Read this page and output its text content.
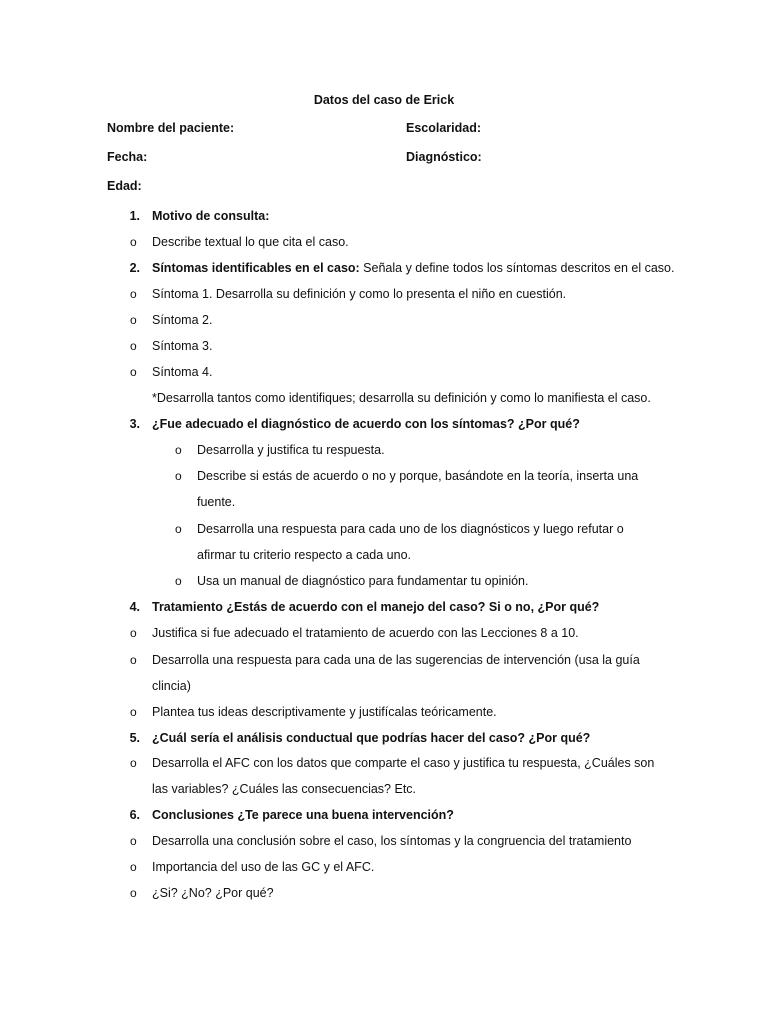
Datos del caso de Erick
Nombre del paciente:	Escolaridad:
Fecha:	Diagnóstico:
Edad:
1. Motivo de consulta:
o Describe textual lo que cita el caso.
2. Síntomas identificables en el caso: Señala y define todos los síntomas descritos en el caso.
o Síntoma 1. Desarrolla su definición y como lo presenta el niño en cuestión.
o Síntoma 2.
o Síntoma 3.
o Síntoma 4.
*Desarrolla tantos como identifiques; desarrolla su definición y como lo manifiesta el caso.
3. ¿Fue adecuado el diagnóstico de acuerdo con los síntomas? ¿Por qué?
o Desarrolla y justifica tu respuesta.
o Describe si estás de acuerdo o no y porque, basándote en la teoría, inserta una
fuente.
o Desarrolla una respuesta para cada uno de los diagnósticos y luego refutar o
afirmar tu criterio respecto a cada uno.
o Usa un manual de diagnóstico para fundamentar tu opinión.
4. Tratamiento ¿Estás de acuerdo con el manejo del caso? Si o no, ¿Por qué?
o Justifica si fue adecuado el tratamiento de acuerdo con las Lecciones 8 a 10.
o Desarrolla una respuesta para cada una de las sugerencias de intervención (usa la guía
clincia)
o Plantea tus ideas descriptivamente y justifícalas teóricamente.
5. ¿Cuál sería el análisis conductual que podrías hacer del caso? ¿Por qué?
o Desarrolla el AFC con los datos que comparte el caso y justifica tu respuesta, ¿Cuáles son
las variables? ¿Cuáles las consecuencias? Etc.
6. Conclusiones ¿Te parece una buena intervención?
o Desarrolla una conclusión sobre el caso, los síntomas y la congruencia del tratamiento
o Importancia del uso de las GC y el AFC.
o ¿Si? ¿No? ¿Por qué?
